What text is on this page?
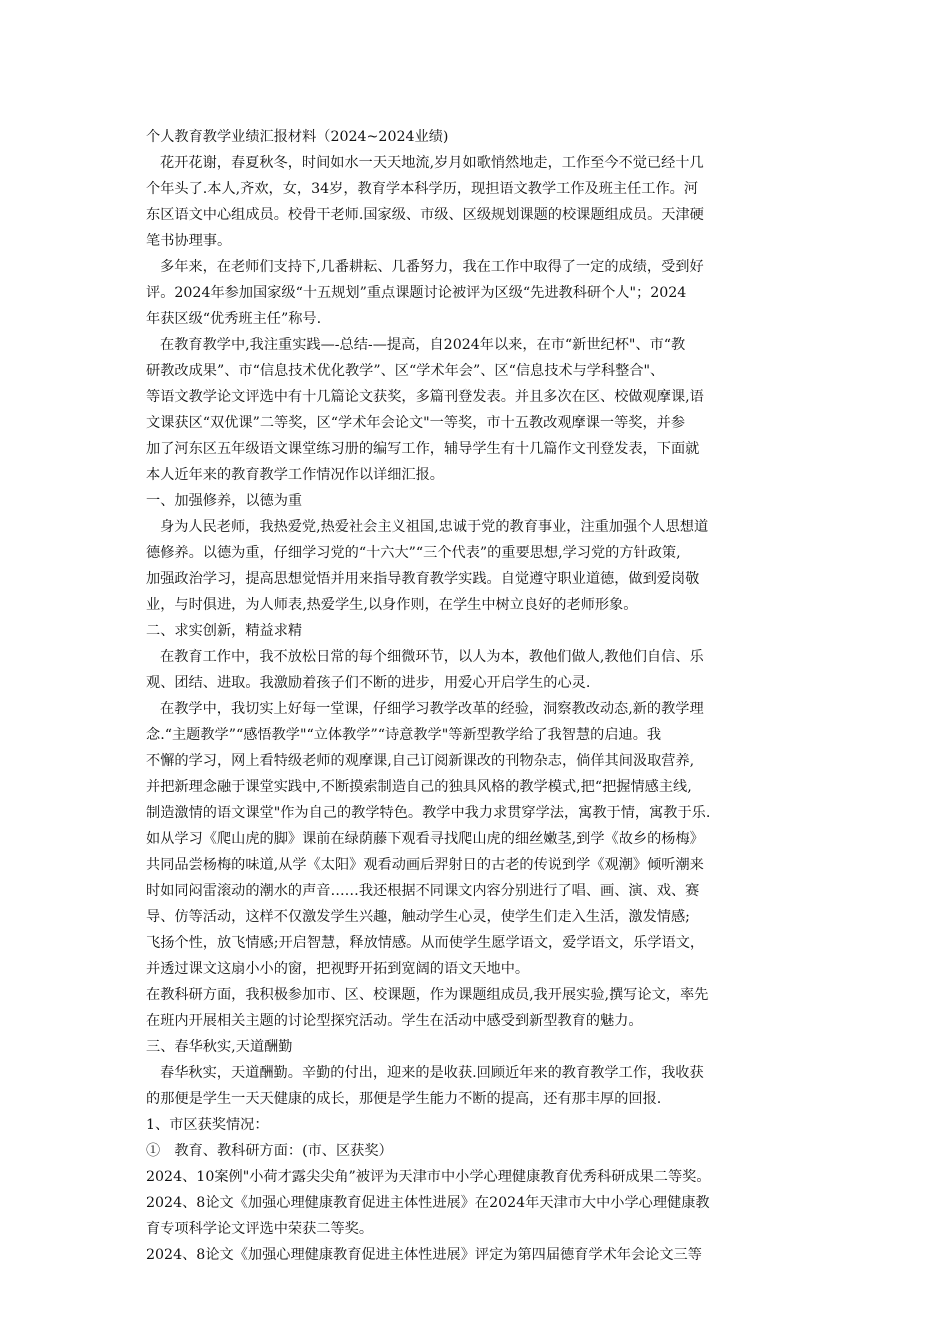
个人教育教学业绩汇报材料（2024~2024业绩)
花开花谢，春夏秋冬，时间如水一天天地流,岁月如歌悄然地走，工作至今不觉已经十几
个年头了.本人,齐欢，女，34岁，教育学本科学历，现担语文教学工作及班主任工作。河
东区语文中心组成员。校骨干老师.国家级、市级、区级规划课题的校课题组成员。天津硬
笔书协理事。
多年来，在老师们支持下,几番耕耘、几番努力，我在工作中取得了一定的成绩，受到好
评。2024年参加国家级“十五规划”重点课题讨论被评为区级“先进教科研个人"；2024
年获区级“优秀班主任”称号.
在教育教学中,我注重实践—-总结-—提高，自2024年以来，在市“新世纪杯"、市“教
研教改成果”、市“信息技术优化教学”、区“学术年会”、区“信息技术与学科整合"、
等语文教学论文评选中有十几篇论文获奖，多篇刊登发表。并且多次在区、校做观摩课,语
文课获区“双优课”二等奖，区“学术年会论文"一等奖，市十五教改观摩课一等奖，并参
加了河东区五年级语文课堂练习册的编写工作，辅导学生有十几篇作文刊登发表，下面就
本人近年来的教育教学工作情况作以详细汇报。
一、加强修养，以德为重
身为人民老师，我热爱党,热爱社会主义祖国,忠诚于党的教育事业，注重加强个人思想道
德修养。以德为重，仔细学习党的“十六大”“三个代表”的重要思想,学习党的方针政策,
加强政治学习，提高思想觉悟并用来指导教育教学实践。自觉遵守职业道德，做到爱岗敬
业，与时俱进，为人师表,热爱学生,以身作则，在学生中树立良好的老师形象。
二、求实创新，精益求精
在教育工作中，我不放松日常的每个细微环节，以人为本，教他们做人,教他们自信、乐
观、团结、进取。我激励着孩子们不断的进步，用爱心开启学生的心灵.
在教学中，我切实上好每一堂课，仔细学习教学改革的经验，洞察教改动态,新的教学理
念.“主题教学”“感悟教学"“立体教学”“诗意教学"等新型教学给了我智慧的启迪。我
不懈的学习，网上看特级老师的观摩课,自己订阅新课改的刊物杂志，倘佯其间汲取营养,
并把新理念融于课堂实践中,不断摸索制造自己的独具风格的教学模式,把“把握情感主线,
制造激情的语文课堂"作为自己的教学特色。教学中我力求贯穿学法，寓教于情，寓教于乐.
如从学习《爬山虎的脚》课前在绿荫藤下观看寻找爬山虎的细丝嫩茎,到学《故乡的杨梅》
共同品尝杨梅的味道,从学《太阳》观看动画后羿射日的古老的传说到学《观潮》倾听潮来
时如同闷雷滚动的潮水的声音……我还根据不同课文内容分别进行了唱、画、演、戏、赛
导、仿等活动，这样不仅激发学生兴趣，触动学生心灵，使学生们走入生活，激发情感;
飞扬个性，放飞情感;开启智慧，释放情感。从而使学生愿学语文，爱学语文，乐学语文，
并透过课文这扇小小的窗，把视野开拓到宽阔的语文天地中。
在教科研方面，我积极参加市、区、校课题，作为课题组成员,我开展实验,撰写论文，率先
在班内开展相关主题的讨论型探究活动。学生在活动中感受到新型教育的魅力。
三、春华秋实,天道酬勤
春华秋实，天道酬勤。辛勤的付出，迎来的是收获.回顾近年来的教育教学工作，我收获
的那便是学生一天天健康的成长，那便是学生能力不断的提高，还有那丰厚的回报.
1、市区获奖情况：
①　教育、教科研方面：(市、区获奖）
2024、10案例"小荷才露尖尖角”被评为天津市中小学心理健康教育优秀科研成果二等奖。
2024、8论文《加强心理健康教育促进主体性进展》在2024年天津市大中小学心理健康教
育专项科学论文评选中荣获二等奖。
2024、8论文《加强心理健康教育促进主体性进展》评定为第四届德育学术年会论文三等
